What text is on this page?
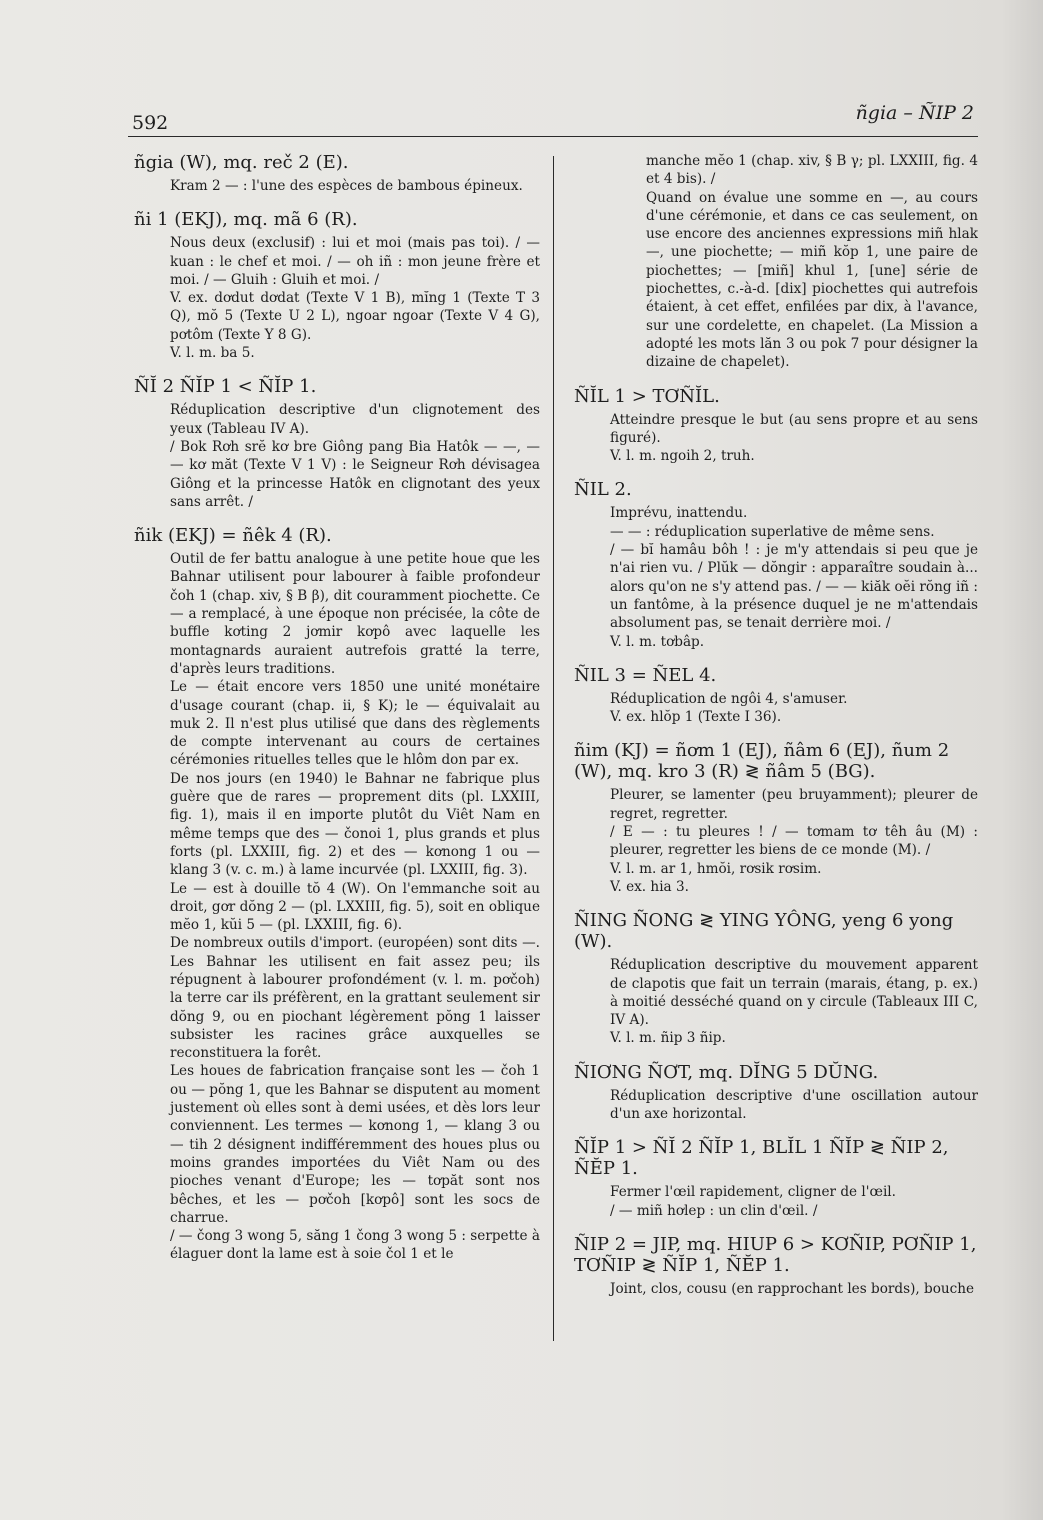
592	ñgia – ÑIP 2
ñgia (W), mq. reč 2 (E).

Kram 2 — : l'une des espèces de bambous épineux.

ñi 1 (EKJ), mq. mã 6 (R).

Nous deux (exclusif) : lui et moi (mais pas toi). / — kuan : le chef et moi. / — oh iñ : mon jeune frère et moi. / — Gluih : Gluih et moi. /

V. ex. dơdut dơdat (Texte V 1 B), mĭng 1 (Texte T 3 Q), mŏ 5 (Texte U 2 L), ngoar ngoar (Texte V 4 G), pơtôm (Texte Y 8 G).

V. l. m. ba 5.

ÑĬ 2 ÑĬP 1 < ÑĬP 1.

Réduplication descriptive d'un clignotement des yeux (Tableau IV A).

/ Bok Rơh srĕ kơ bre Giông pang Bia Hatôk — —, — — kơ măt (Texte V 1 V) : le Seigneur Rơh dévisagea Giông et la princesse Hatôk en clignotant des yeux sans arrêt. /

ñik (EKJ) = ñêk 4 (R).

Outil de fer battu analogue à une petite houe que les Bahnar utilisent pour labourer à faible profondeur čoh 1 (chap. xiv, § B β), dit couramment piochette. Ce — a remplacé, à une époque non précisée, la côte de buffle kơting 2 jơmir kơpô avec laquelle les montagnards auraient autrefois gratté la terre, d'après leurs traditions.

Le — était encore vers 1850 une unité monétaire d'usage courant (chap. ii, § K); le — équivalait au muk 2. Il n'est plus utilisé que dans des règlements de compte intervenant au cours de certaines cérémonies rituelles telles que le hlôm don par ex.

De nos jours (en 1940) le Bahnar ne fabrique plus guère que de rares — proprement dits (pl. LXXIII, fig. 1), mais il en importe plutôt du Viêt Nam en même temps que des — čonoi 1, plus grands et plus forts (pl. LXXIII, fig. 2) et des — kơnong 1 ou — klang 3 (v. c. m.) à lame incurvée (pl. LXXIII, fig. 3).

Le — est à douille tŏ 4 (W). On l'emmanche soit au droit, gơr dŏng 2 — (pl. LXXIII, fig. 5), soit en oblique mĕo 1, kŭi 5 — (pl. LXXIII, fig. 6).

De nombreux outils d'import. (européen) sont dits —. Les Bahnar les utilisent en fait assez peu; ils répugnent à labourer profondément (v. l. m. pơčoh) la terre car ils préfèrent, en la grattant seulement sir dŏng 9, ou en piochant légèrement pŏng 1 laisser subsister les racines grâce auxquelles se reconstituera la forêt.

Les houes de fabrication française sont les — čoh 1 ou — pŏng 1, que les Bahnar se disputent au moment justement où elles sont à demi usées, et dès lors leur conviennent. Les termes — kơnong 1, — klang 3 ou — tih 2 désignent indifféremment des houes plus ou moins grandes importées du Viêt Nam ou des pioches venant d'Europe; les — tơpăt sont nos bêches, et les — pơčoh [kơpô] sont les socs de charrue.

/ — čong 3 wong 5, săng 1 čong 3 wong 5 : serpette à élaguer dont la lame est à soie čol 1 et le

manche mĕo 1 (chap. xiv, § B γ; pl. LXXIII, fig. 4 et 4 bis). /

Quand on évalue une somme en —, au cours d'une cérémonie, et dans ce cas seulement, on use encore des anciennes expressions miñ hlak —, une piochette; — miñ kŏp 1, une paire de piochettes; — [miñ] khul 1, [une] série de piochettes, c.-à-d. [dix] piochettes qui autrefois étaient, à cet effet, enfilées par dix, à l'avance, sur une cordelette, en chapelet. (La Mission a adopté les mots lăn 3 ou pok 7 pour désigner la dizaine de chapelet).

ÑĬL 1 > TƠÑĬL.

Atteindre presque le but (au sens propre et au sens figuré).

V. l. m. ngoih 2, truh.

ÑIL 2.

Imprévu, inattendu.

— — : réduplication superlative de même sens.

/ — bĭ hamâu bôh ! : je m'y attendais si peu que je n'ai rien vu. / Plŭk — dŏngir : apparaître soudain à... alors qu'on ne s'y attend pas. / — — kiăk oĕi rŏng iñ : un fantôme, à la présence duquel je ne m'attendais absolument pas, se tenait derrière moi. /

V. l. m. tơbâp.

ÑIL 3 = ÑEL 4.

Réduplication de ngôi 4, s'amuser.

V. ex. hlŏp 1 (Texte I 36).

ñim (KJ) = ñơm 1 (EJ), ñâm 6 (EJ), ñum 2 (W), mq. kro 3 (R) ≷ ñâm 5 (BG).

Pleurer, se lamenter (peu bruyamment); pleurer de regret, regretter.

/ E — : tu pleures ! / — tơmam tơ têh âu (M) : pleurer, regretter les biens de ce monde (M). /

V. l. m. ar 1, hmŏi, rơsik rơsim.

V. ex. hia 3.

ÑING ÑONG ≷ YING YÔNG, yeng 6 yong (W).

Réduplication descriptive du mouvement apparent de clapotis que fait un terrain (marais, étang, p. ex.) à moitié desséché quand on y circule (Tableaux III C, IV A).

V. l. m. ñip 3 ñip.

ÑIƠNG ÑƠT, mq. DĬNG 5 DŬNG.

Réduplication descriptive d'une oscillation autour d'un axe horizontal.

ÑĬP 1 > ÑĬ 2 ÑĬP 1, BLĬL 1 ÑĬP ≷ ÑIP 2, ÑĔP 1.

Fermer l'œil rapidement, cligner de l'œil.

/ — miñ hơlep : un clin d'œil. /

ÑIP 2 = JIP, mq. HIUP 6 > KƠÑIP, PƠÑIP 1, TƠÑIP ≷ ÑĬP 1, ÑĔP 1.

Joint, clos, cousu (en rapprochant les bords), bouche
